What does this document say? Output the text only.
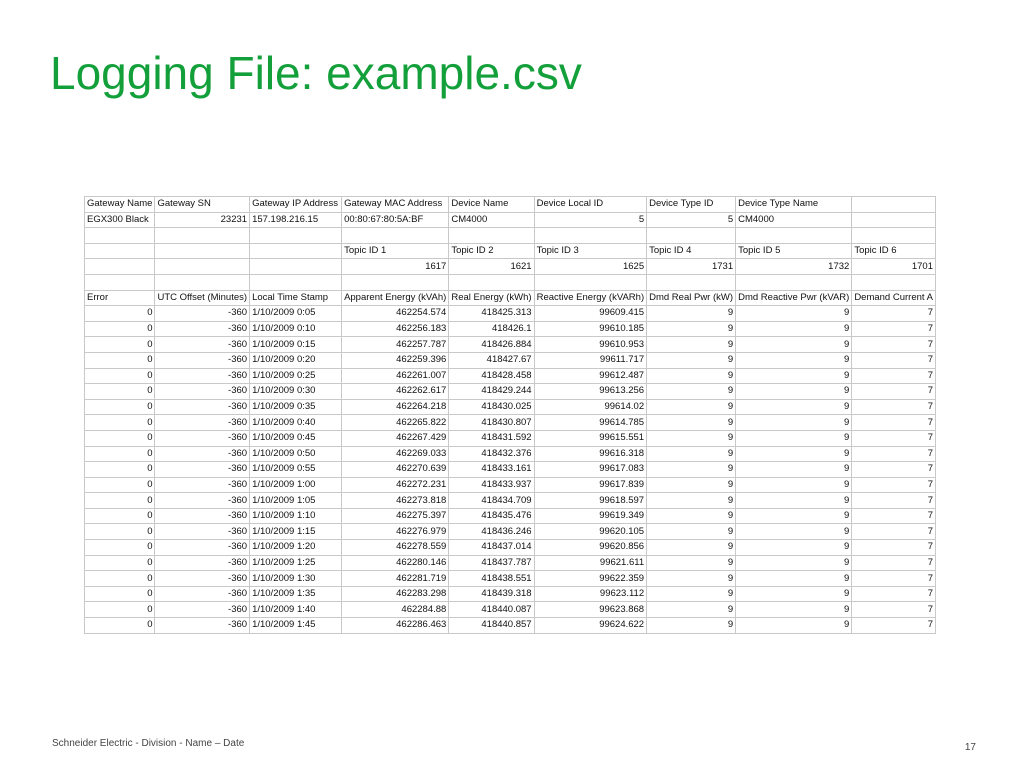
Logging File: example.csv
Gateway Name	Gateway SN	Gateway IP Address	Gateway MAC Address	Device Name	Device Local ID	Device Type ID	Device Type Name	
EGX300 Black	23231	157.198.216.15	00:80:67:80:5A:BF	CM4000	5	5	CM4000	

			Topic ID 1	Topic ID 2	Topic ID 3	Topic ID 4	Topic ID 5	Topic ID 6
			1617	1621	1625	1731	1732	1701

Error	UTC Offset (Minutes)	Local Time Stamp	Apparent Energy (kVAh)	Real Energy (kWh)	Reactive Energy (kVARh)	Dmd Real Pwr (kW)	Dmd Reactive Pwr (kVAR)	Demand Current A
0	-360	1/10/2009 0:05	462254.574	418425.313	99609.415	9	9	7
0	-360	1/10/2009 0:10	462256.183	418426.1	99610.185	9	9	7
0	-360	1/10/2009 0:15	462257.787	418426.884	99610.953	9	9	7
0	-360	1/10/2009 0:20	462259.396	418427.67	99611.717	9	9	7
0	-360	1/10/2009 0:25	462261.007	418428.458	99612.487	9	9	7
0	-360	1/10/2009 0:30	462262.617	418429.244	99613.256	9	9	7
0	-360	1/10/2009 0:35	462264.218	418430.025	99614.02	9	9	7
0	-360	1/10/2009 0:40	462265.822	418430.807	99614.785	9	9	7
0	-360	1/10/2009 0:45	462267.429	418431.592	99615.551	9	9	7
0	-360	1/10/2009 0:50	462269.033	418432.376	99616.318	9	9	7
0	-360	1/10/2009 0:55	462270.639	418433.161	99617.083	9	9	7
0	-360	1/10/2009 1:00	462272.231	418433.937	99617.839	9	9	7
0	-360	1/10/2009 1:05	462273.818	418434.709	99618.597	9	9	7
0	-360	1/10/2009 1:10	462275.397	418435.476	99619.349	9	9	7
0	-360	1/10/2009 1:15	462276.979	418436.246	99620.105	9	9	7
0	-360	1/10/2009 1:20	462278.559	418437.014	99620.856	9	9	7
0	-360	1/10/2009 1:25	462280.146	418437.787	99621.611	9	9	7
0	-360	1/10/2009 1:30	462281.719	418438.551	99622.359	9	9	7
0	-360	1/10/2009 1:35	462283.298	418439.318	99623.112	9	9	7
0	-360	1/10/2009 1:40	462284.88	418440.087	99623.868	9	9	7
0	-360	1/10/2009 1:45	462286.463	418440.857	99624.622	9	9	7
Schneider Electric - Division - Name – Date	17
